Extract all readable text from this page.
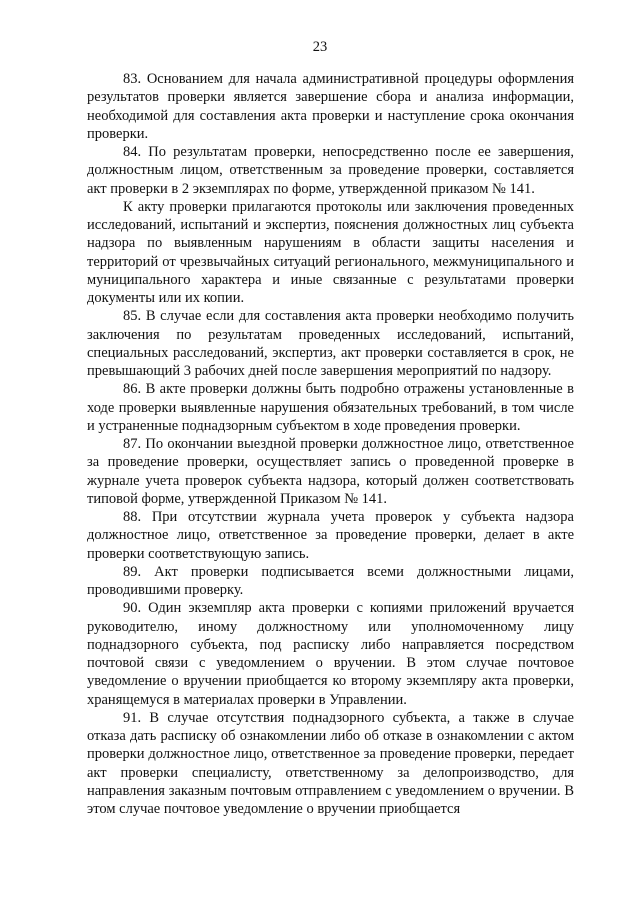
23

83. Основанием для начала административной процедуры оформления результатов проверки является завершение сбора и анализа информации, необходимой для составления акта проверки и наступление срока окончания проверки.

84. По результатам проверки, непосредственно после ее завершения, должностным лицом, ответственным за проведение проверки, составляется акт проверки в 2 экземплярах по форме, утвержденной приказом № 141.

К акту проверки прилагаются протоколы или заключения проведенных исследований, испытаний и экспертиз, пояснения должностных лиц субъекта надзора по выявленным нарушениям в области защиты населения и территорий от чрезвычайных ситуаций регионального, межмуниципального и муниципального характера и иные связанные с результатами проверки документы или их копии.

85. В случае если для составления акта проверки необходимо получить заключения по результатам проведенных исследований, испытаний, специальных расследований, экспертиз, акт проверки составляется в срок, не превышающий 3 рабочих дней после завершения мероприятий по надзору.

86. В акте проверки должны быть подробно отражены установленные в ходе проверки выявленные нарушения обязательных требований, в том числе и устраненные поднадзорным субъектом в ходе проведения проверки.

87. По окончании выездной проверки должностное лицо, ответственное за проведение проверки, осуществляет запись о проведенной проверке в журнале учета проверок субъекта надзора, который должен соответствовать типовой форме, утвержденной Приказом № 141.

88. При отсутствии журнала учета проверок у субъекта надзора должностное лицо, ответственное за проведение проверки, делает в акте проверки соответствующую запись.

89. Акт проверки подписывается всеми должностными лицами, проводившими проверку.

90. Один экземпляр акта проверки с копиями приложений вручается руководителю, иному должностному или уполномоченному лицу поднадзорного субъекта, под расписку либо направляется посредством почтовой связи с уведомлением о вручении. В этом случае почтовое уведомление о вручении приобщается ко второму экземпляру акта проверки, хранящемуся в материалах проверки в Управлении.

91. В случае отсутствия поднадзорного субъекта, а также в случае отказа дать расписку об ознакомлении либо об отказе в ознакомлении с актом проверки должностное лицо, ответственное за проведение проверки, передает акт проверки специалисту, ответственному за делопроизводство, для направления заказным почтовым отправлением с уведомлением о вручении. В этом случае почтовое уведомление о вручении приобщается
